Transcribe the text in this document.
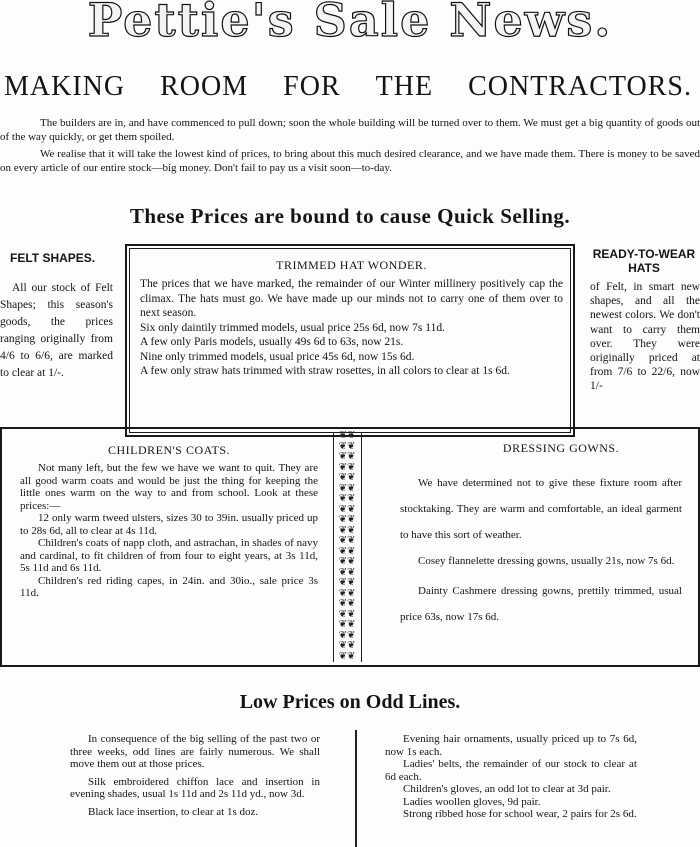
Pettie's Sale News.
MAKING ROOM FOR THE CONTRACTORS.
The builders are in, and have commenced to pull down; soon the whole building will be turned over to them. We must get a big quantity of goods out of the way quickly, or get them spoiled.
We realise that it will take the lowest kind of prices, to bring about this much desired clearance, and we have made them. There is money to be saved on every article of our entire stock—big money. Don't fail to pay us a visit soon—to-day.
These Prices are bound to cause Quick Selling.
FELT SHAPES.
All our stock of Felt Shapes; this season's goods, the prices ranging originally from 4/6 to 6/6, are marked to clear at 1/-.
TRIMMED HAT WONDER.
The prices that we have marked, the remainder of our Winter millinery positively cap the climax. The hats must go. We have made up our minds not to carry one of them over to next season.
Six only daintily trimmed models, usual price 25s 6d, now 7s 11d.
A few only Paris models, usually 49s 6d to 63s, now 21s.
Nine only trimmed models, usual price 45s 6d, now 15s 6d.
A few only straw hats trimmed with straw rosettes, in all colors to clear at 1s 6d.
READY-TO-WEAR HATS
of Felt, in smart new shapes, and all the newest colors. We don't want to carry them over. They were originally priced at from 7/6 to 22/6, now 1/-
❦❦
❦❦
❦❦
❦❦
❦❦
❦❦
❦❦
❦❦
❦❦
❦❦
❦❦
❦❦
❦❦
❦❦
❦❦
❦❦
❦❦
❦❦
❦❦
❦❦
❦❦
❦❦
CHILDREN'S COATS.
Not many left, but the few we have we want to quit. They are all good warm coats and would be just the thing for keeping the little ones warm on the way to and from school. Look at these prices:—
12 only warm tweed ulsters, sizes 30 to 39in. usually priced up to 28s 6d, all to clear at 4s 11d.
Children's coats of napp cloth, and astrachan, in shades of navy and cardinal, to fit children of from four to eight years, at 3s 11d, 5s 11d and 6s 11d.
Children's red riding capes, in 24in. and 30io., sale price 3s 11d.
DRESSING GOWNS.
We have determined not to give these fixture room after stocktaking. They are warm and comfortable, an ideal garment to have this sort of weather.
Cosey flannelette dressing gowns, usually 21s, now 7s 6d.
Dainty Cashmere dressing gowns, prettily trimmed, usual price 63s, now 17s 6d.
Low Prices on Odd Lines.
In consequence of the big selling of the past two or three weeks, odd lines are fairly numerous. We shall move them out at those prices.
Silk embroidered chiffon lace and insertion in evening shades, usual 1s 11d and 2s 11d yd., now 3d.
Black lace insertion, to clear at 1s doz.
Evening hair ornaments, usually priced up to 7s 6d, now 1s each.
Ladies' belts, the remainder of our stock to clear at 6d each.
Children's gloves, an odd lot to clear at 3d pair.
Ladies woollen gloves, 9d pair.
Strong ribbed hose for school wear, 2 pairs for 2s 6d.
